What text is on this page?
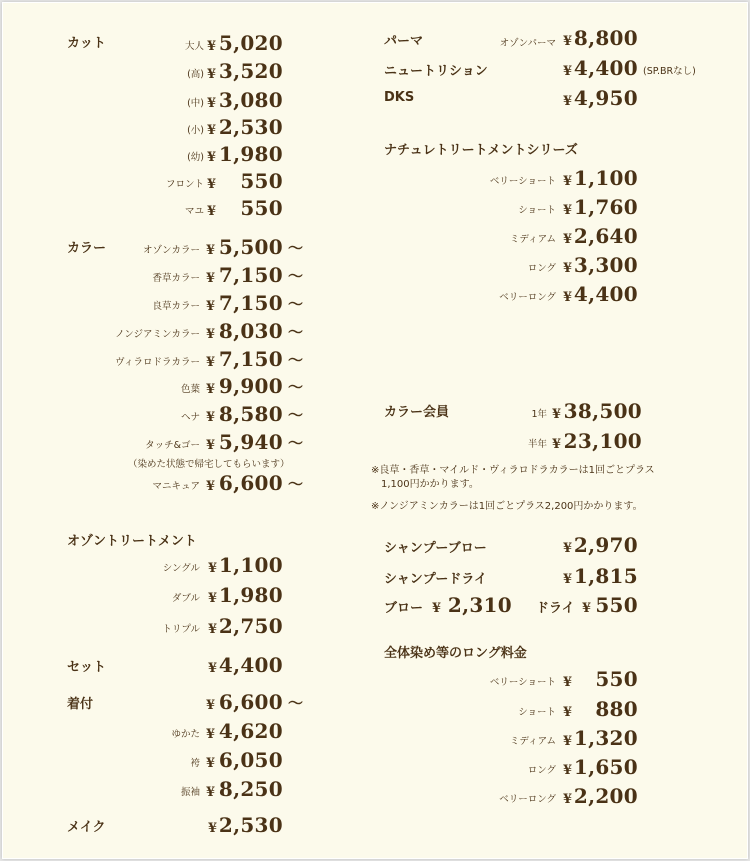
カット	大人 ¥ 5,020
(高) ¥ 3,520
(中) ¥ 3,080
(小) ¥ 2,530
(幼) ¥ 1,980
フロント ¥ 550
マユ ¥ 550
カラー	オゾンカラー ¥ 5,500 ～
香草カラー ¥ 7,150 ～
良草カラー ¥ 7,150 ～
ノンジアミンカラー ¥ 8,030 ～
ヴィラロドラカラー ¥ 7,150 ～
色葉 ¥ 9,900 ～
ヘナ ¥ 8,580 ～
タッチ&ゴー ¥ 5,940 ～
マニキュア ¥ 6,600 ～
（染めた状態で帰宅してもらいます）
オゾントリートメント
シングル ¥ 1,100
ダブル ¥ 1,980
トリプル ¥ 2,750
セット	¥ 4,400
着付	¥ 6,600 ～
ゆかた ¥ 4,620
袴 ¥ 6,050
振袖 ¥ 8,250
メイク	¥ 2,530
パーマ	オゾンパーマ ¥ 8,800
ニュートリション	¥ 4,400 (SP.BRなし)
DKS	¥ 4,950
ナチュレトリートメントシリーズ
ベリーショート ¥ 1,100
ショート ¥ 1,760
ミディアム ¥ 2,640
ロング ¥ 3,300
ベリーロング ¥ 4,400
カラー会員	1年 ¥ 38,500
半年 ¥ 23,100
※良草・香草・マイルド・ヴィラロドラカラーは1回ごとプラス
1,100円かかります。
※ノンジアミンカラーは1回ごとプラス2,200円かかります。
シャンプーブロー	¥ 2,970
シャンプードライ	¥ 1,815
ブロー ¥ 2,310 ドライ ¥ 550
全体染め等のロング料金
ベリーショート ¥ 550
ショート ¥ 880
ミディアム ¥ 1,320
ロング ¥ 1,650
ベリーロング ¥ 2,200
